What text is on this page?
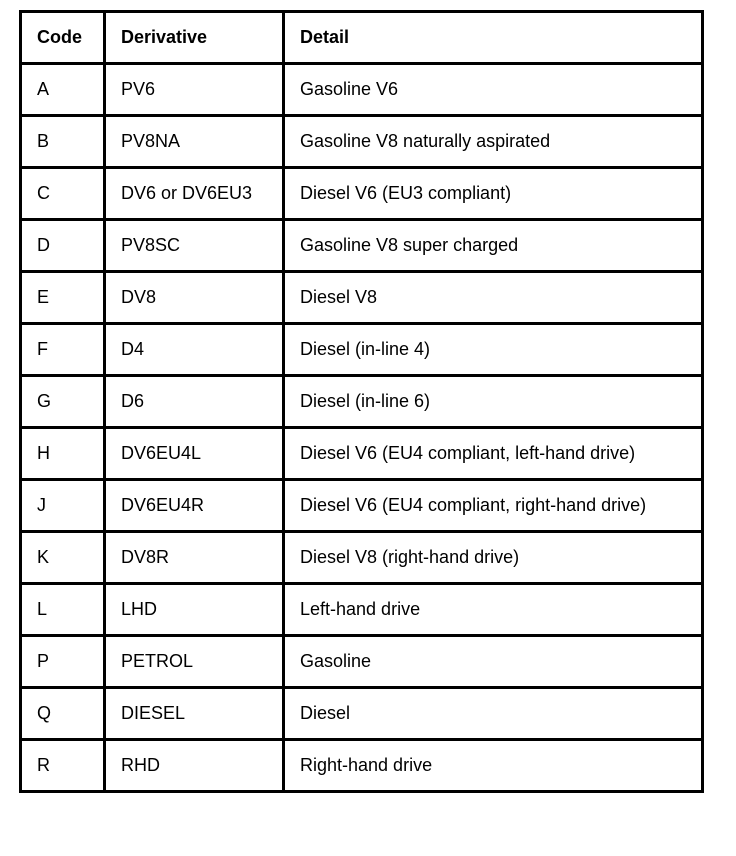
Code	Derivative	Detail
A	PV6	Gasoline V6
B	PV8NA	Gasoline V8 naturally aspirated
C	DV6 or DV6EU3	Diesel V6 (EU3 compliant)
D	PV8SC	Gasoline V8 super charged
E	DV8	Diesel V8
F	D4	Diesel (in-line 4)
G	D6	Diesel (in-line 6)
H	DV6EU4L	Diesel V6 (EU4 compliant, left-hand drive)
J	DV6EU4R	Diesel V6 (EU4 compliant, right-hand drive)
K	DV8R	Diesel V8 (right-hand drive)
L	LHD	Left-hand drive
P	PETROL	Gasoline
Q	DIESEL	Diesel
R	RHD	Right-hand drive
